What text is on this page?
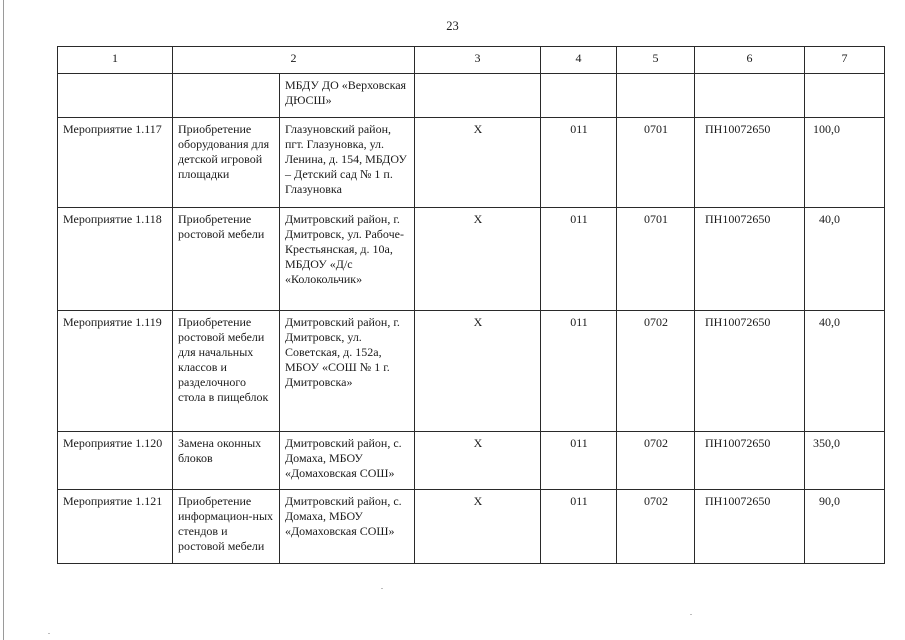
23
1	2		3	4	5	6	7
		МБДУ ДО «Верховская ДЮСШ»					
Мероприятие 1.117	Приобретение оборудования для детской игровой площадки	Глазуновский район, пгт. Глазуновка, ул. Ленина, д. 154, МБДОУ – Детский сад № 1 п. Глазуновка	Х	011	0701	ПН10072650	100,0
Мероприятие 1.118	Приобретение ростовой мебели	Дмитровский район, г. Дмитровск, ул. Рабоче-Крестьянская, д. 10а, МБДОУ «Д/с «Колокольчик»	Х	011	0701	ПН10072650	40,0
Мероприятие 1.119	Приобретение ростовой мебели для начальных классов и разделочного стола в пищеблок	Дмитровский район, г. Дмитровск, ул. Советская, д. 152а, МБОУ «СОШ № 1 г. Дмитровска»	Х	011	0702	ПН10072650	40,0
Мероприятие 1.120	Замена оконных блоков	Дмитровский район, с. Домаха, МБОУ «Домаховская СОШ»	Х	011	0702	ПН10072650	350,0
Мероприятие 1.121	Приобретение информацион-ных стендов и ростовой мебели	Дмитровский район, с. Домаха, МБОУ «Домаховская СОШ»	Х	011	0702	ПН10072650	90,0
